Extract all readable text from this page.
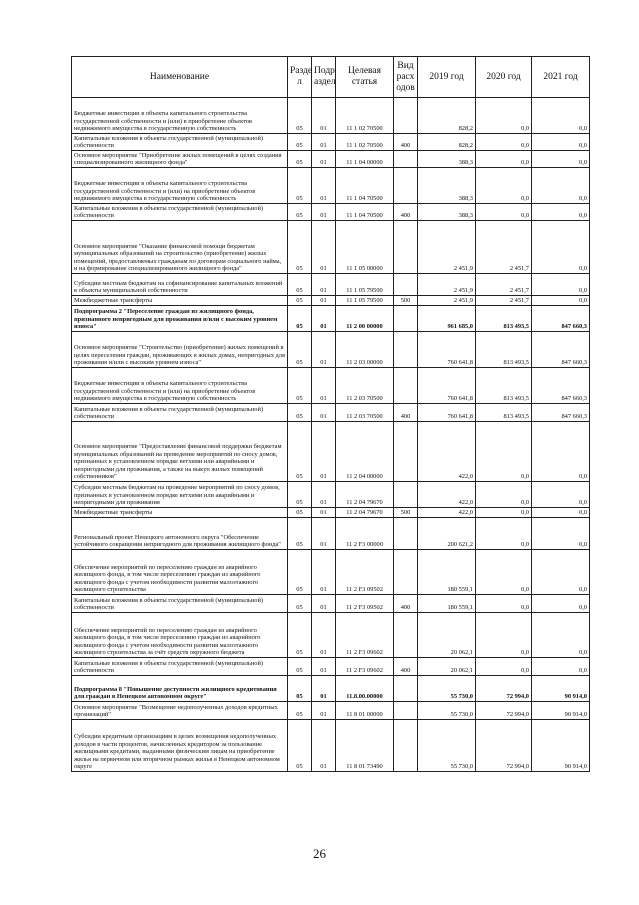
Наименование	Разде л	Подр аздел	Целевая статья	Вид расх одов	2019 год	2020 год	2021 год
Бюджетные инвестиции в объекты капитального строительства государственной собственности и (или) в приобретение объектов недвижимого имущества в государственную собственность	05	01	11 1 02 70500		828,2	0,0	0,0
Капитальные вложения в объекты государственной (муниципальной) собственности	05	01	11 1 02 70500	400	828,2	0,0	0,0
Основное мероприятие "Приобретение жилых помещений в целях создания специализированного жилищного фонда"	05	01	11 1 04 00000		388,3	0,0	0,0
Бюджетные инвестиции в объекты капитального строительства государственной собственности и (или) на приобретение объектов недвижимого имущества в государственную собственность	05	01	11 1 04 70500		388,3	0,0	0,0
Капитальные вложения в объекты государственной (муниципальной) собственности	05	01	11 1 04 70500	400	388,3	0,0	0,0
Основное мероприятие "Оказание финансовой помощи бюджетам муниципальных образований на строительство (приобретение) жилых помещений, предоставляемых гражданам по договорам социального найма, и на формирование специализированного жилищного фонда"	05	01	11 1 05 00000		2 451,9	2 451,7	0,0
Субсидии местным бюджетам на софинансирование капитальных вложений в объекты муниципальной собственности	05	01	11 1 05 79500		2 451,9	2 451,7	0,0
Межбюджетные трансферты	05	01	11 1 05 79500	500	2 451,9	2 451,7	0,0
Подпрограмма 2 "Переселение граждан из жилищного фонда, признанного непригодным для проживания и/или с высоким уровнем износа"	05	01	11 2 00 00000		961 685,0	813 493,5	847 660,3
Основное мероприятие "Строительство (приобретение) жилых помещений в целях переселения граждан, проживающих в жилых домах, непригодных для проживания и/или с высоким уровнем износа"	05	01	11 2 03 00000		760 641,8	813 493,5	847 660,3
Бюджетные инвестиции в объекты капитального строительства государственной собственности и (или) на приобретение объектов недвижимого имущества в государственную собственность	05	01	11 2 03 70500		760 641,8	813 493,5	847 660,3
Капитальные вложения в объекты государственной (муниципальной) собственности	05	01	11 2 03 70500	400	760 641,8	813 493,5	847 660,3
Основное мероприятие "Предоставление финансовой поддержки бюджетам муниципальных образований на проведение мероприятий по сносу домов, признанных в установленном порядке ветхими или аварийными и непригодными для проживания, а также на выкуп жилых помещений собственников"	05	01	11 2 04 00000		422,0	0,0	0,0
Субсидии местным бюджетам на проведение мероприятий по сносу домов, признанных в установленном порядке ветхими или аварийными и непригодными для проживания	05	01	11 2 04 79670		422,0	0,0	0,0
Межбюджетные трансферты	05	01	11 2 04 79670	500	422,0	0,0	0,0
Региональный проект Ненецкого автономного округа "Обеспечение устойчивого сокращения непригодного для проживания жилищного фонда"	05	01	11 2 F3 00000		200 621,2	0,0	0,0
Обеспечение мероприятий по переселению граждан из аварийного жилищного фонда, в том числе переселению граждан из аварийного жилищного фонда с учетом необходимости развития малоэтажного жилищного строительства	05	01	11 2 F3 09502		180 559,1	0,0	0,0
Капитальные вложения в объекты государственной (муниципальной) собственности	05	01	11 2 F3 09502	400	180 559,1	0,0	0,0
Обеспечение мероприятий по переселению граждан из аварийного жилищного фонда, в том числе переселению граждан из аварийного жилищного фонда с учетом необходимости развития малоэтажного жилищного строительства за счёт средств окружного бюджета	05	01	11 2 F3 09602		20 062,1	0,0	0,0
Капитальные вложения в объекты государственной (муниципальной) собственности	05	01	11 2 F3 09602	400	20 062,1	0,0	0,0
Подпрограмма 8 "Повышение доступности жилищного кредитования для граждан в Ненецком автономном округе"	05	01	11.8.00.00000		55 730,0	72 994,0	90 914,0
Основное мероприятие "Возмещение недополученных доходов кредитных организаций"	05	01	11 8 01 00000		55 730,0	72 994,0	90 914,0
Субсидии кредитным организациям в целях возмещения недополученных доходов в части процентов, начисленных кредитором за пользование жилищными кредитами, выданными физическим лицам на приобретение жилья на первичном или вторичном рынках жилья в Ненецком автономном округе	05	01	11 8 01 73490		55 730,0	72 994,0	90 914,0
26
